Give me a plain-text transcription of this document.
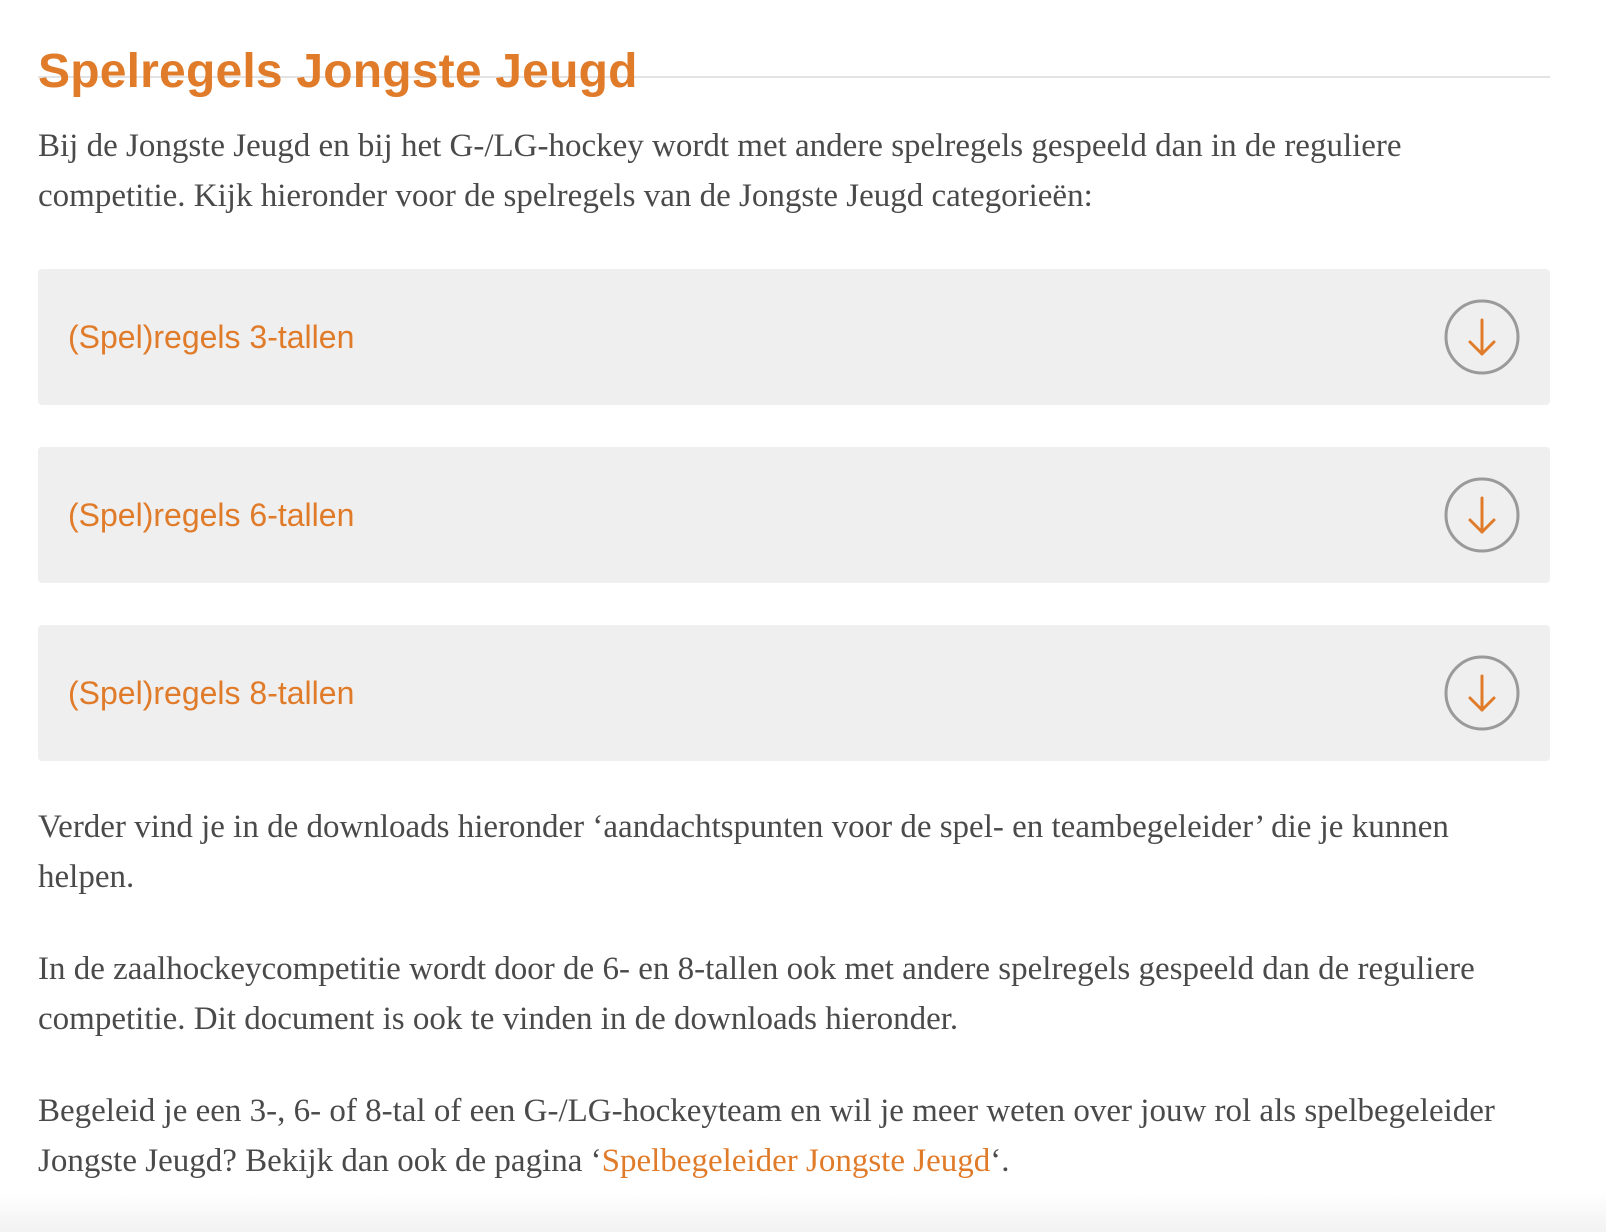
Spelregels Jongste Jeugd

Bij de Jongste Jeugd en bij het G-/LG-hockey wordt met andere spelregels gespeeld dan in de reguliere competitie. Kijk hieronder voor de spelregels van de Jongste Jeugd categorieën:

(Spel)regels 3-tallen
(Spel)regels 6-tallen
(Spel)regels 8-tallen

Verder vind je in de downloads hieronder ‘aandachtspunten voor de spel- en teambegeleider’ die je kunnen helpen.

In de zaalhockeycompetitie wordt door de 6- en 8-tallen ook met andere spelregels gespeeld dan de reguliere competitie. Dit document is ook te vinden in de downloads hieronder.

Begeleid je een 3-, 6- of 8-tal of een G-/LG-hockeyteam en wil je meer weten over jouw rol als spelbegeleider Jongste Jeugd? Bekijk dan ook de pagina ‘Spelbegeleider Jongste Jeugd‘.
